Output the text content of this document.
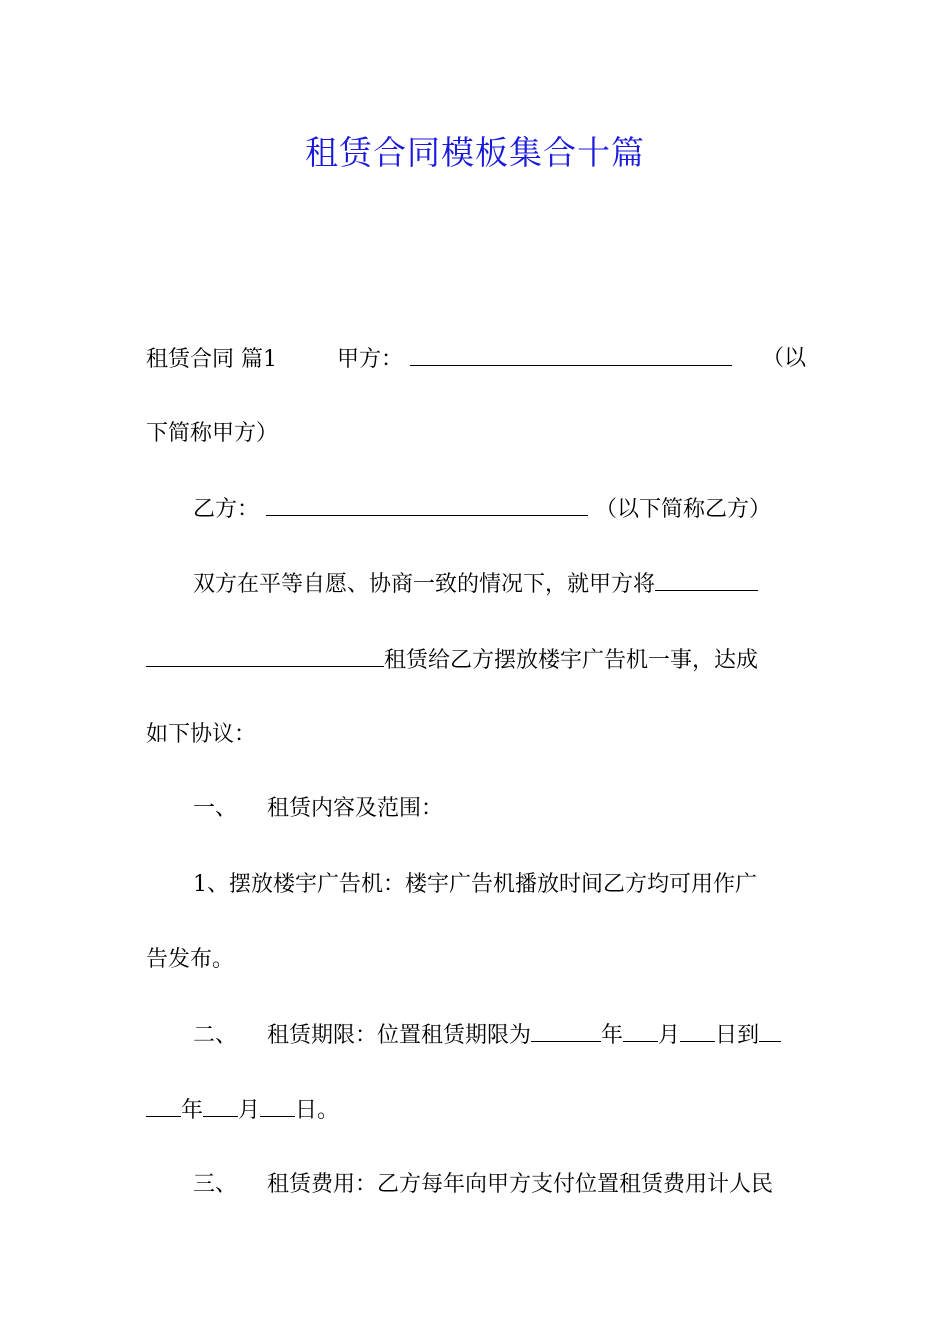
租赁合同模板集合十篇
租赁合同 篇1	甲方：	（以
下简称甲方）
乙方：	（以下简称乙方）
双方在平等自愿、协商一致的情况下，就甲方将
租赁给乙方摆放楼宇广告机一事，达成
如下协议：
一、 租赁内容及范围：
1、摆放楼宇广告机：楼宇广告机播放时间乙方均可用作广
告发布。
二、 租赁期限：位置租赁期限为	年 月 日到
年 月 日。
三、 租赁费用：乙方每年向甲方支付位置租赁费用计人民
